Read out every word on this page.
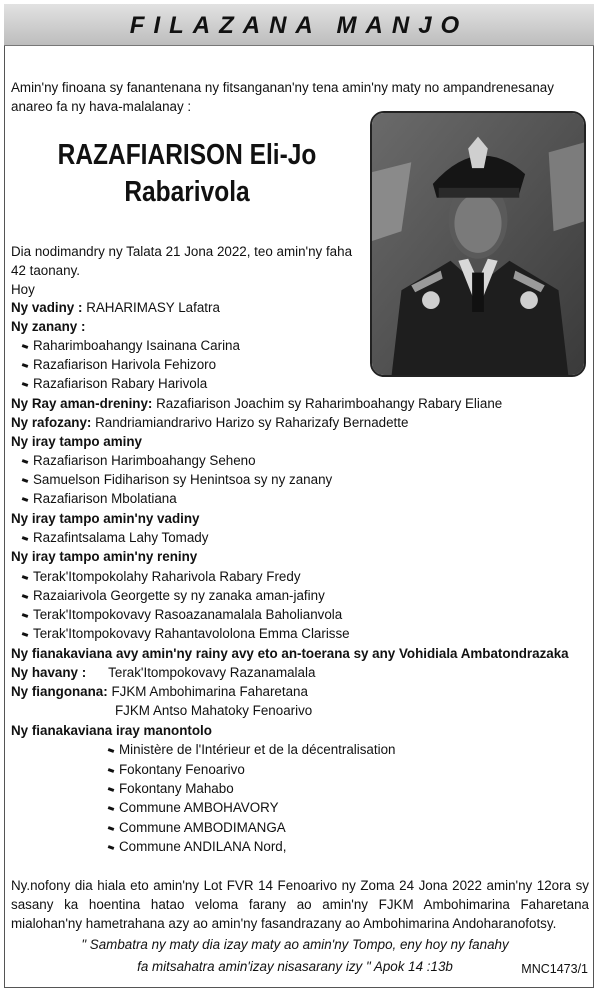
FILAZANA MANJO
Amin'ny finoana sy fanantenana ny fitsanganan'ny tena amin'ny maty no ampandrenesanay anareo fa ny hava-malalanay :
RAZAFIARISON Eli-Jo
Rabarivola
Dia nodimandry ny Talata 21 Jona 2022, teo amin'ny faha 42 taonany.
Hoy
Ny vadiny : RAHARIMASY Lafatra
Ny zanany :
Raharimboahangy Isainana Carina
Razafiarison Harivola Fehizoro
Razafiarison Rabary Harivola
Ny Ray aman-dreniny: Razafiarison Joachim sy Raharimboahangy Rabary Eliane
Ny rafozany: Randriamiandrarivo Harizo sy Raharizafy Bernadette
Ny iray tampo aminy
Razafiarison Harimboahangy Seheno
Samuelson Fidiharison sy Henintsoa sy ny zanany
Razafiarison Mbolatiana
Ny iray tampo amin'ny vadiny
Razafintsalama Lahy Tomady
Ny iray tampo amin'ny reniny
Terak'Itompokolahy Raharivola Rabary Fredy
Razaiarivola Georgette sy ny zanaka aman-jafiny
Terak'Itompokovavy Rasoazanamalala Baholianvola
Terak'Itompokovavy Rahantavololona Emma Clarisse
Ny fianakaviana avy amin'ny rainy avy eto an-toerana sy any Vohidiala Ambatondrazaka
Ny havany : Terak'Itompokovavy Razanamalala
Ny fiangonana: FJKM Ambohimarina Faharetana
FJKM Antso Mahatoky Fenoarivo
Ny fianakaviana iray manontolo
Ministère de l'Intérieur et de la décentralisation
Fokontany Fenoarivo
Fokontany Mahabo
Commune AMBOHAVORY
Commune AMBODIMANGA
Commune ANDILANA Nord,
Ny.nofony dia hiala eto amin'ny Lot FVR 14 Fenoarivo ny Zoma 24 Jona 2022 amin'ny 12ora sy sasany ka hoentina hatao veloma farany ao amin'ny FJKM Ambohimarina Faharetana mialohan'ny hametrahana azy ao amin'ny fasandrazany ao Ambohimarina Andoharanofotsy.
" Sambatra ny maty dia izay maty ao amin'ny Tompo, eny hoy ny fanahy
fa mitsahatra amin'izay nisasarany izy " Apok 14 :13b	MNC1473/1
